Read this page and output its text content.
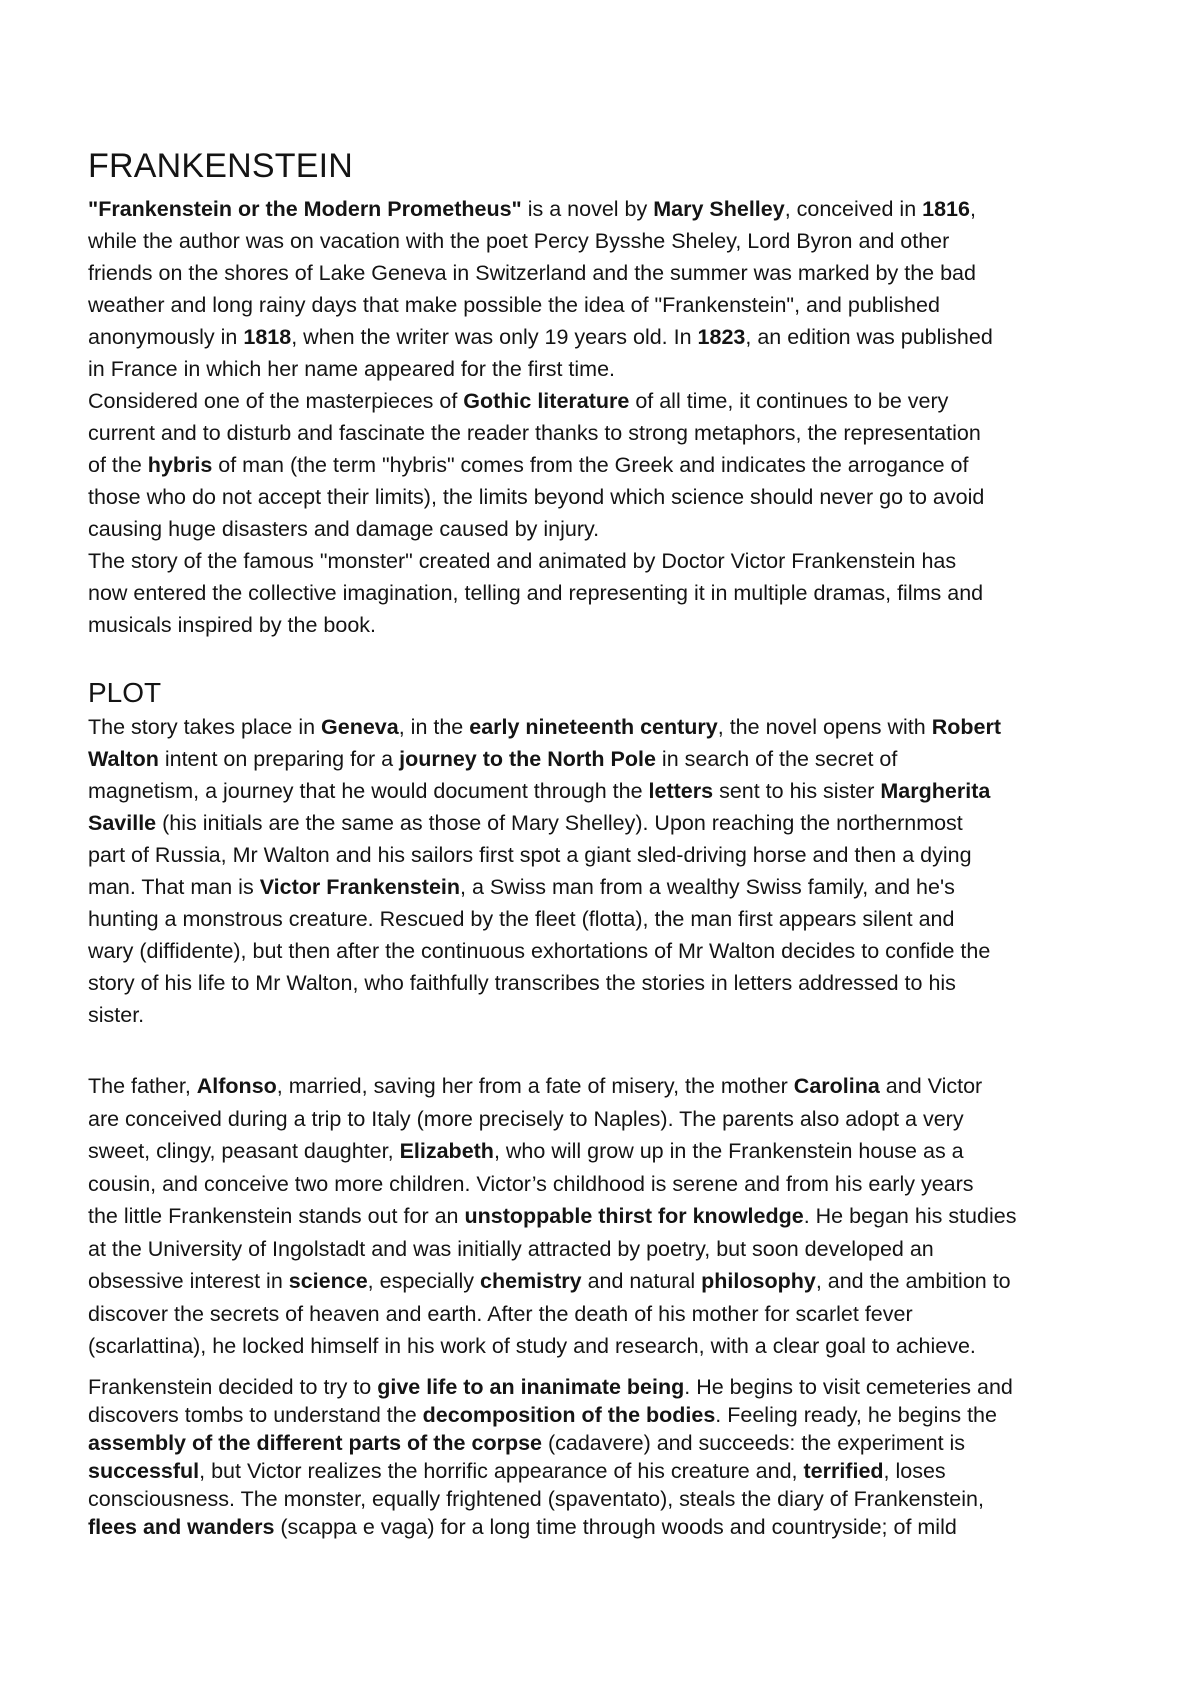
FRANKENSTEIN
"Frankenstein or the Modern Prometheus" is a novel by Mary Shelley, conceived in 1816,
while the author was on vacation with the poet Percy Bysshe Sheley, Lord Byron and other
friends on the shores of Lake Geneva in Switzerland and the summer was marked by the bad
weather and long rainy days that make possible the idea of "Frankenstein", and published
anonymously in 1818, when the writer was only 19 years old. In 1823, an edition was published
in France in which her name appeared for the first time.
Considered one of the masterpieces of Gothic literature of all time, it continues to be very
current and to disturb and fascinate the reader thanks to strong metaphors, the representation
of the hybris of man (the term "hybris" comes from the Greek and indicates the arrogance of
those who do not accept their limits), the limits beyond which science should never go to avoid
causing huge disasters and damage caused by injury.
The story of the famous "monster" created and animated by Doctor Victor Frankenstein has
now entered the collective imagination, telling and representing it in multiple dramas, films and
musicals inspired by the book.
PLOT
The story takes place in Geneva, in the early nineteenth century, the novel opens with Robert
Walton intent on preparing for a journey to the North Pole in search of the secret of
magnetism, a journey that he would document through the letters sent to his sister Margherita
Saville (his initials are the same as those of Mary Shelley). Upon reaching the northernmost
part of Russia, Mr Walton and his sailors first spot a giant sled-driving horse and then a dying
man. That man is Victor Frankenstein, a Swiss man from a wealthy Swiss family, and he's
hunting a monstrous creature. Rescued by the fleet (flotta), the man first appears silent and
wary (diffidente), but then after the continuous exhortations of Mr Walton decides to confide the
story of his life to Mr Walton, who faithfully transcribes the stories in letters addressed to his
sister.
The father, Alfonso, married, saving her from a fate of misery, the mother Carolina and Victor
are conceived during a trip to Italy (more precisely to Naples). The parents also adopt a very
sweet, clingy, peasant daughter, Elizabeth, who will grow up in the Frankenstein house as a
cousin, and conceive two more children. Victor’s childhood is serene and from his early years
the little Frankenstein stands out for an unstoppable thirst for knowledge. He began his studies
at the University of Ingolstadt and was initially attracted by poetry, but soon developed an
obsessive interest in science, especially chemistry and natural philosophy, and the ambition to
discover the secrets of heaven and earth. After the death of his mother for scarlet fever
(scarlattina), he locked himself in his work of study and research, with a clear goal to achieve.
Frankenstein decided to try to give life to an inanimate being. He begins to visit cemeteries and
discovers tombs to understand the decomposition of the bodies. Feeling ready, he begins the
assembly of the different parts of the corpse (cadavere) and succeeds: the experiment is
successful, but Victor realizes the horrific appearance of his creature and, terrified, loses
consciousness. The monster, equally frightened (spaventato), steals the diary of Frankenstein,
flees and wanders (scappa e vaga) for a long time through woods and countryside; of mild
